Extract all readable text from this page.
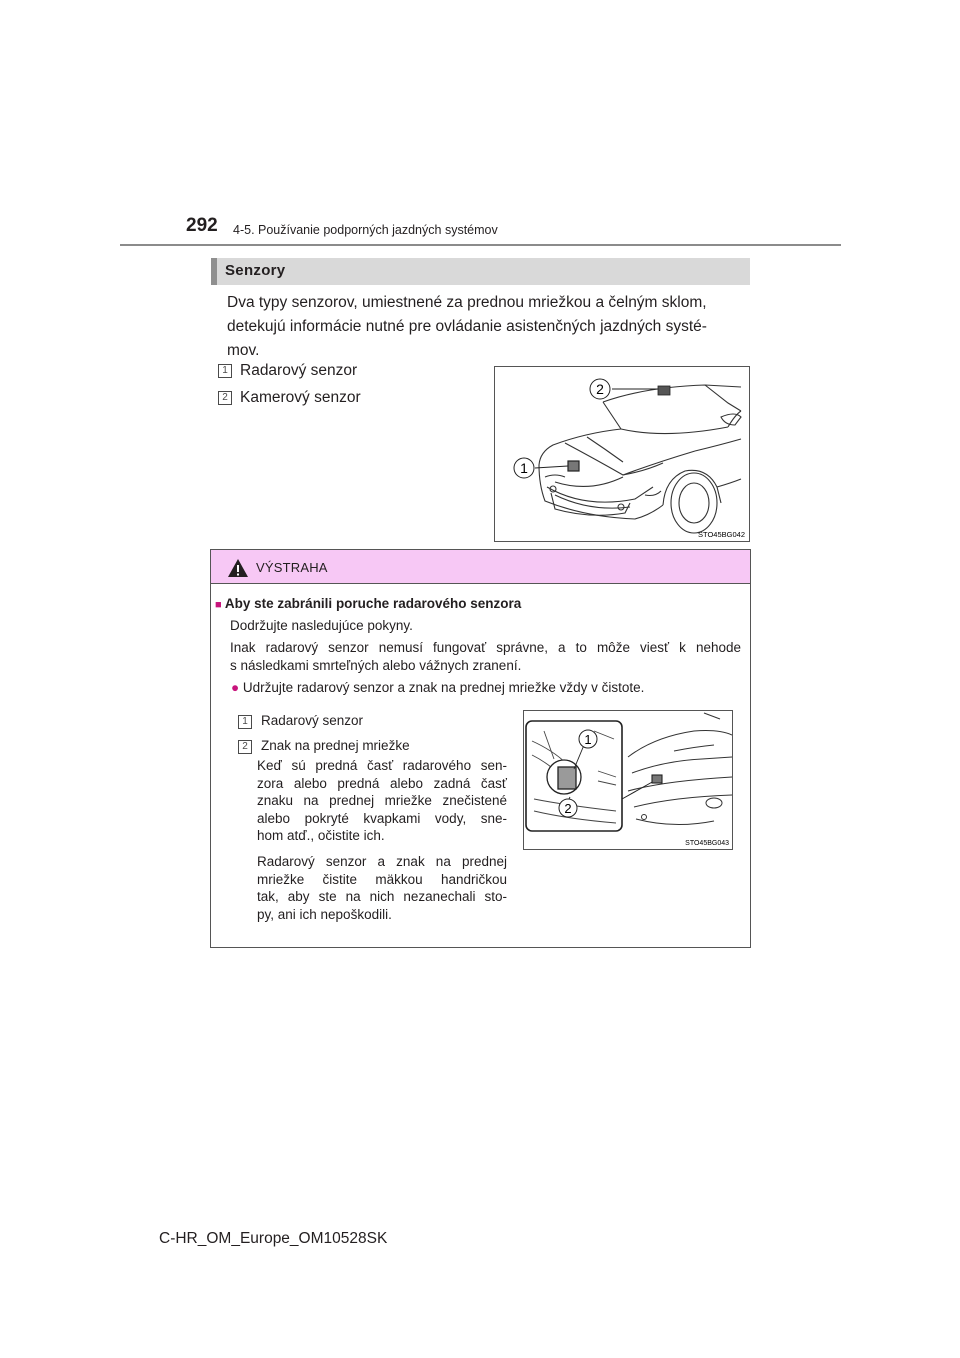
292 4-5. Používanie podporných jazdných systémov
Senzory
Dva typy senzorov, umiestnené za prednou mriežkou a čelným sklom,
detekujú informácie nutné pre ovládanie asistenčných jazdných systé-
mov.
1 Radarový senzor
2 Kamerový senzor	2
1
STO45BG042
VÝSTRAHA
■ Aby ste zabránili poruche radarového senzora
Dodržujte nasledujúce pokyny.
Inak radarový senzor nemusí fungovať správne, a to môže viesť k nehode
s následkami smrteľných alebo vážnych zranení.
● Udržujte radarový senzor a znak na prednej mriežke vždy v čistote.
1 Radarový senzor
2 Znak na prednej mriežke
Keď sú predná časť radarového sen-
zora alebo predná alebo zadná časť
znaku na prednej mriežke znečistené
alebo pokryté kvapkami vody, sne-
hom atď., očistite ich.
Radarový senzor a znak na prednej
mriežke čistite mäkkou handričkou
tak, aby ste na nich nezanechali sto-
py, ani ich nepoškodili.
1
2
STO45BG043
C-HR_OM_Europe_OM10528SK
